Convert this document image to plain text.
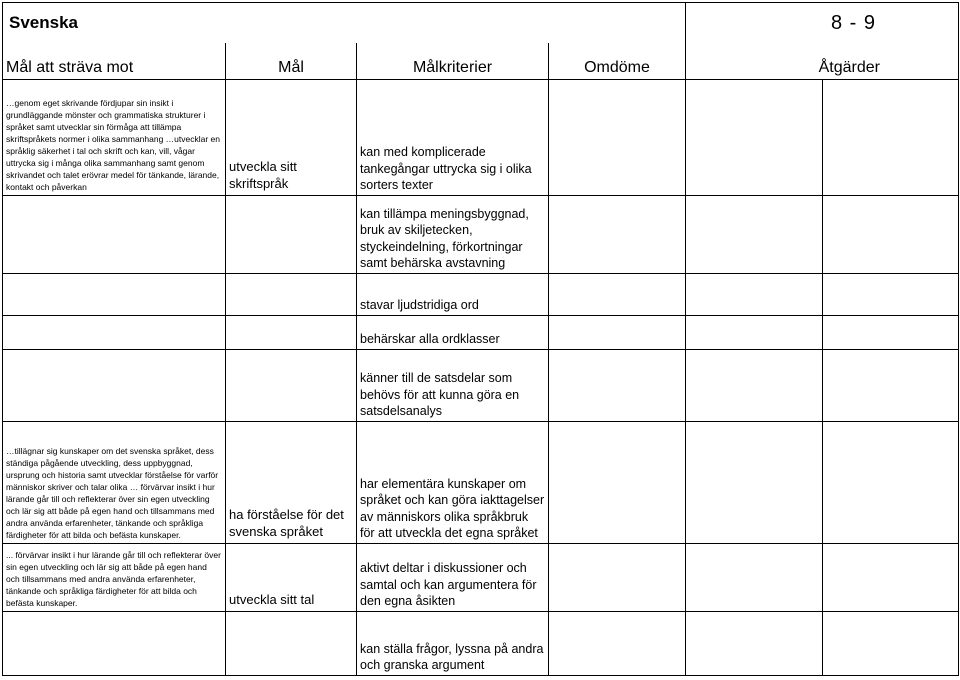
Svenska				8 - 9	
Mål att sträva mot	Mål	Målkriterier	Omdöme	Åtgärder	
…genom eget skrivande fördjupar sin insikt i grundläggande mönster och grammatiska strukturer i språket samt utvecklar sin förmåga att tillämpa skriftspråkets normer i olika sammanhang …utvecklar en språklig säkerhet i tal och skrift och kan, vill, vågar uttrycka sig i många olika sammanhang samt genom skrivandet och talet erövrar medel för tänkande, lärande, kontakt och påverkan	utveckla sitt skriftspråk	kan med komplicerade tankegångar uttrycka sig i olika sorters texter			
		kan tillämpa meningsbyggnad, bruk av skiljetecken, styckeindelning, förkortningar samt behärska avstavning			
		stavar ljudstridiga ord			
		behärskar alla ordklasser			
		känner till de satsdelar som behövs för att kunna göra en satsdelsanalys			
…tillägnar sig kunskaper om det svenska språket, dess ständiga pågående utveckling, dess uppbyggnad, ursprung och historia samt utvecklar förståelse för varför människor skriver och talar olika … förvärvar insikt i hur lärande går till och reflekterar över sin egen utveckling och lär sig att både på egen hand och tillsammans med andra använda erfarenheter, tänkande och språkliga färdigheter för att bilda och befästa kunskaper.	ha förståelse för det svenska språket	har elementära kunskaper om språket och kan göra iakttagelser av människors olika språkbruk för att utveckla det egna språket			
... förvärvar insikt i hur lärande går till och reflekterar över sin egen utveckling och lär sig att både på egen hand och tillsammans med andra använda erfarenheter, tänkande och språkliga färdigheter för att bilda och befästa kunskaper.	utveckla sitt tal	aktivt deltar i diskussioner och samtal och kan argumentera för den egna åsikten			
		kan ställa frågor, lyssna på andra och granska argument			
